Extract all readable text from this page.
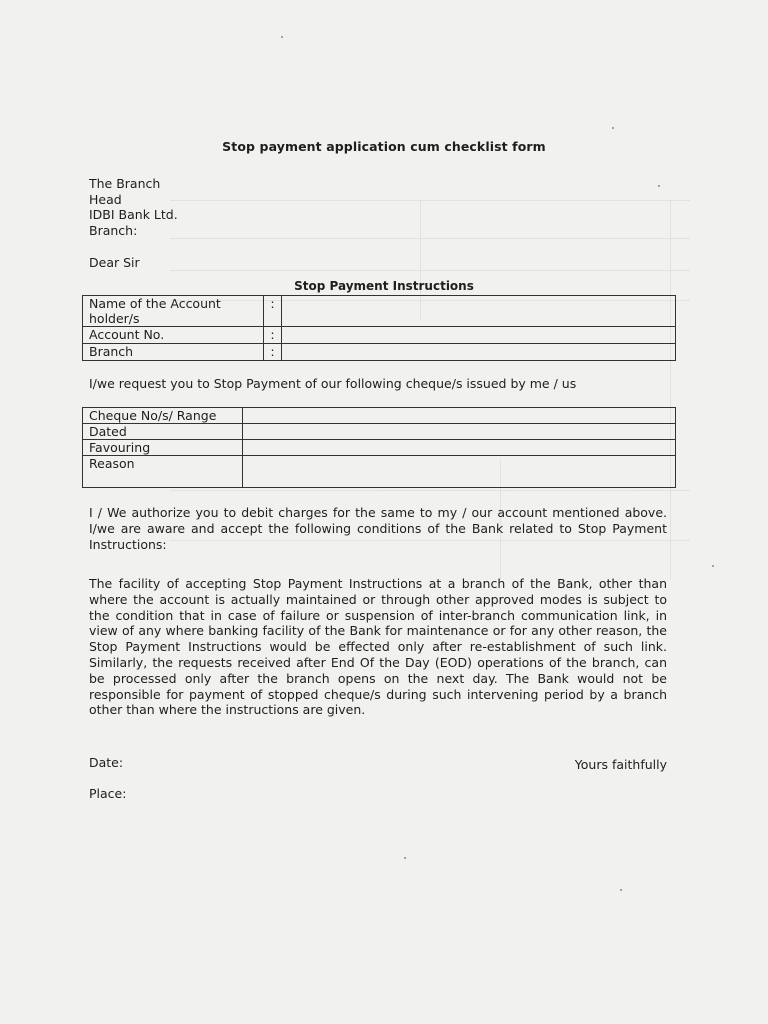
Stop payment application cum checklist form
The Branch
Head
IDBI Bank Ltd.
Branch:
Dear Sir
Stop Payment Instructions
Name of the Account holder/s	:	
Account No.	:	
Branch	:	
I/we request you to Stop Payment of our following cheque/s issued by me / us
Cheque No/s/ Range	
Dated	
Favouring	
Reason	
I / We authorize you to debit charges for the same to my / our account mentioned above. I/we are aware and accept the following conditions of the Bank related to Stop Payment Instructions:
The facility of accepting Stop Payment Instructions at a branch of the Bank, other than where the account is actually maintained or through other approved modes is subject to the condition that in case of failure or suspension of inter-branch communication link, in view of any where banking facility of the Bank for maintenance or for any other reason, the Stop Payment Instructions would be effected only after re-establishment of such link. Similarly, the requests received after End Of the Day (EOD) operations of the branch, can be processed only after the branch opens on the next day. The Bank would not be responsible for payment of stopped cheque/s during such intervening period by a branch other than where the instructions are given.
Date:
Place:
Yours faithfully
